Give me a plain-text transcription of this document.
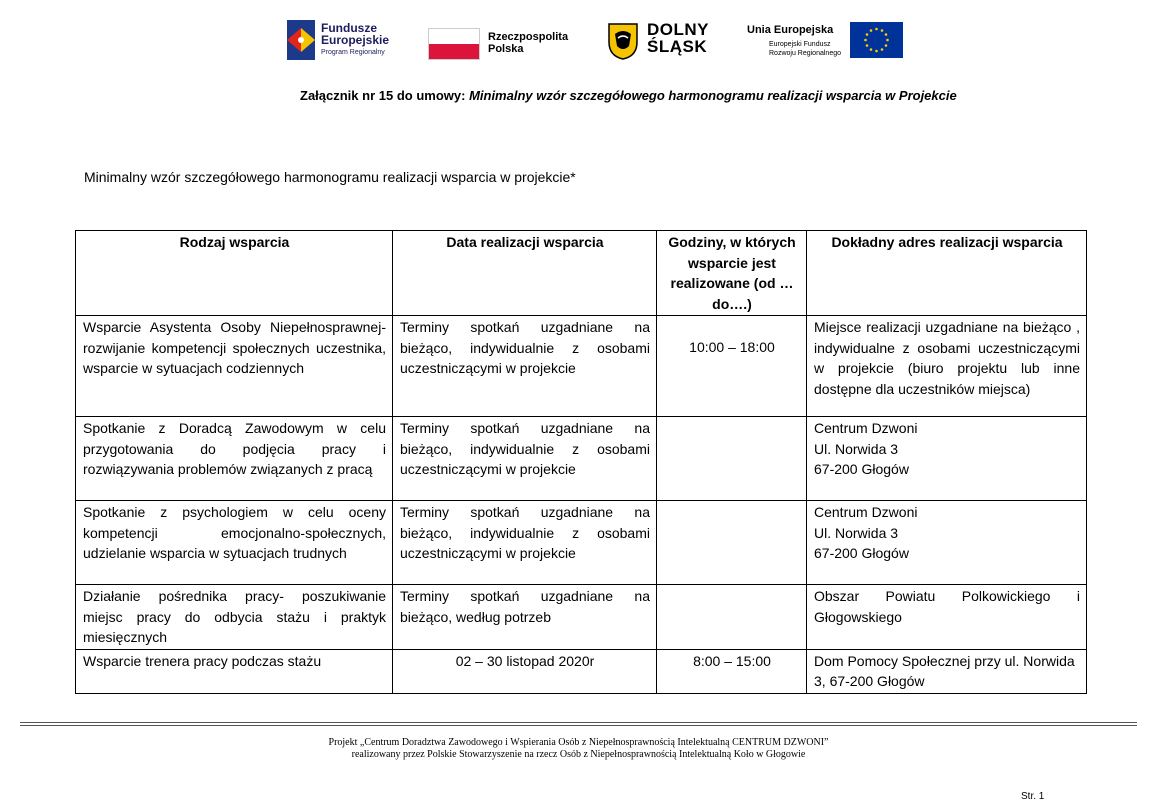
Fundusze
Europejskie
Program Regionalny
Rzeczpospolita
Polska
DOLNY
ŚLĄSK
Unia Europejska
Europejski Fundusz
Rozwoju Regionalnego
Załącznik nr 15 do umowy: Minimalny wzór szczegółowego harmonogramu realizacji wsparcia w Projekcie
Minimalny wzór szczegółowego harmonogramu realizacji wsparcia w projekcie*
Rodzaj wsparcia	Data realizacji wsparcia	Godziny, w których wsparcie jest realizowane (od … do….)	Dokładny adres realizacji wsparcia
Wsparcie Asystenta Osoby Niepełnosprawnej- rozwijanie kompetencji społecznych uczestnika, wsparcie w sytuacjach codziennych	Terminy spotkań uzgadniane na bieżąco, indywidualnie z osobami uczestniczącymi w projekcie	10:00 – 18:00	Miejsce realizacji uzgadniane na bieżąco , indywidualne z osobami uczestniczącymi w projekcie (biuro projektu lub inne dostępne dla uczestników miejsca)
Spotkanie z Doradcą Zawodowym w celu przygotowania do podjęcia pracy i rozwiązywania problemów związanych z pracą	Terminy spotkań uzgadniane na bieżąco, indywidualnie z osobami uczestniczącymi w projekcie		Centrum Dzwoni
Ul. Norwida 3
67-200 Głogów
Spotkanie z psychologiem w celu oceny kompetencji emocjonalno-społecznych, udzielanie wsparcia w sytuacjach trudnych	Terminy spotkań uzgadniane na bieżąco, indywidualnie z osobami uczestniczącymi w projekcie		Centrum Dzwoni
Ul. Norwida 3
67-200 Głogów
Działanie pośrednika pracy- poszukiwanie miejsc pracy do odbycia stażu i praktyk miesięcznych	Terminy spotkań uzgadniane na bieżąco, według potrzeb		Obszar Powiatu Polkowickiego i Głogowskiego
Wsparcie trenera pracy podczas stażu	02 – 30 listopad 2020r	8:00 – 15:00	Dom Pomocy Społecznej przy ul. Norwida 3, 67-200 Głogów
Projekt „Centrum Doradztwa Zawodowego i Wspierania Osób z Niepełnosprawnością Intelektualną CENTRUM DZWONI”
realizowany przez Polskie Stowarzyszenie na rzecz Osób z Niepełnosprawnością Intelektualną Koło w Głogowie
Str. 1
